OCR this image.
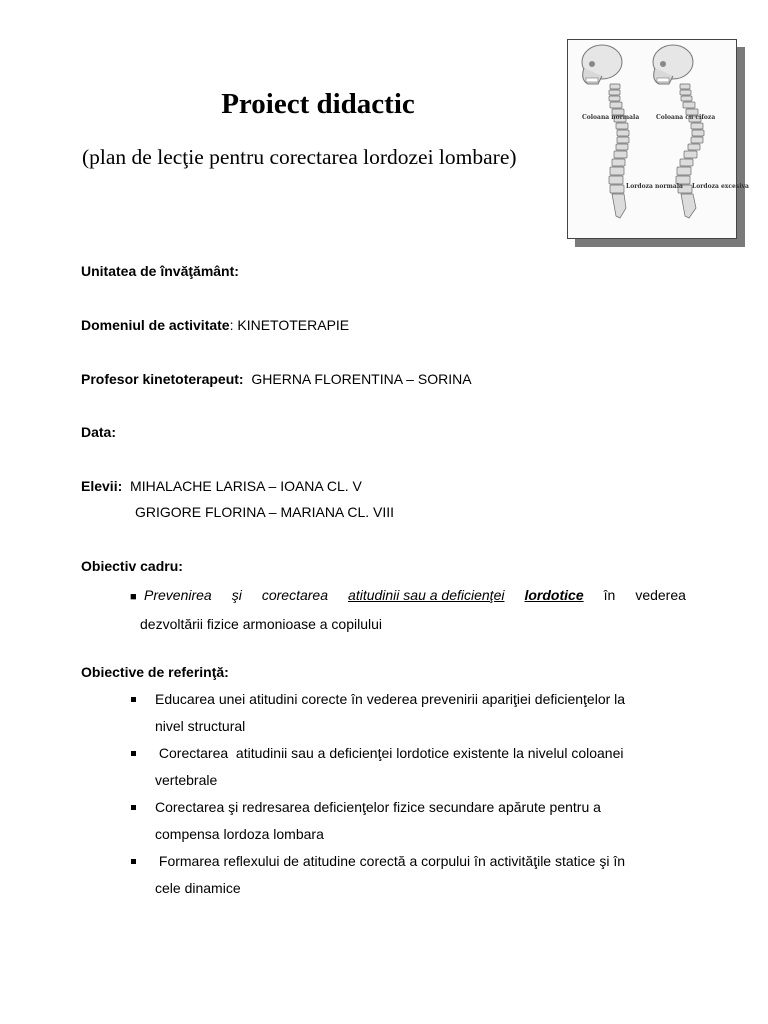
Proiect didactic
(plan de lecţie pentru corectarea lordozei lombare)
Coloana normala	Coloana cu cifoza
Lordoza normala Lordoza excesiva
Unitatea de învăţământ:
Domeniul de activitate: KINETOTERAPIE
Profesor kinetoterapeut:  GHERNA FLORENTINA – SORINA
Data:
Elevii:  MIHALACHE LARISA – IOANA CL. V
GRIGORE FLORINA – MARIANA CL. VIII
Obiectiv cadru:
■ Prevenirea şi corectarea atitudinii sau a deficienţei lordotice în vederea
dezvoltării fizice armonioase a copilului
Obiective de referinţă:
Educarea unei atitudini corecte în vederea prevenirii apariţiei deficienţelor la
nivel structural
Corectarea  atitudinii sau a deficienţei lordotice existente la nivelul coloanei
vertebrale
Corectarea şi redresarea deficienţelor fizice secundare apărute pentru a
compensa lordoza lombara
Formarea reflexului de atitudine corectă a corpului în activităţile statice şi în
cele dinamice
